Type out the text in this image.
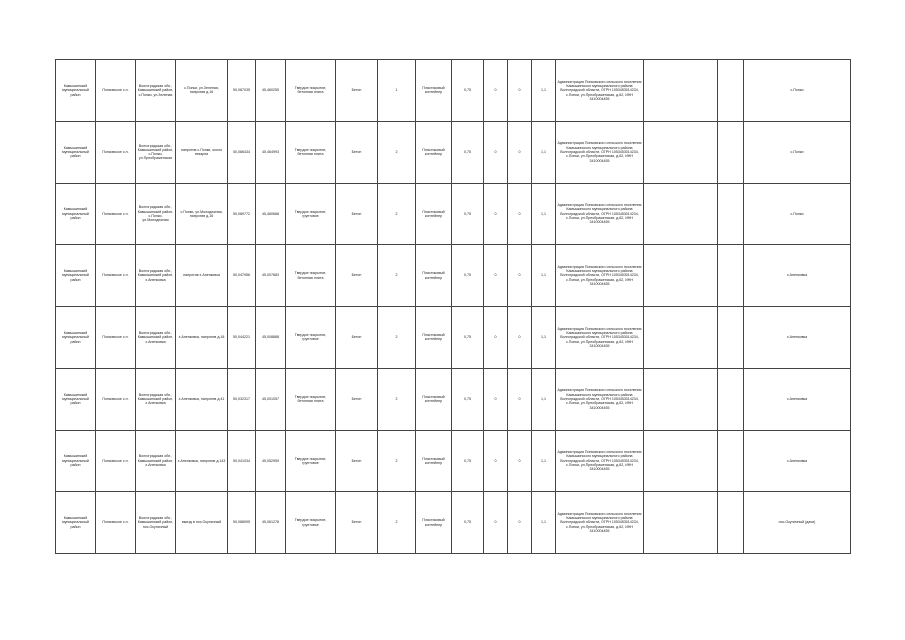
Камышинский муниципальный район	Попковское с.п.	Волгоградская обл., Камышинский район, с.Попки, ул.Зеленая	с.Попки, ул.Зеленая, напротив д.16	50,087035	45,460255	Твердое покрытие, бетонная плита	Бетон	1	Пластиковый контейнер	0,75	0	0	1,1	Администрация Попковского сельского поселения Камышинского муниципального района Волгоградской области, ОГРН 1053453014234, с.Попки, ул.Преображенская, д.62, ИНН 3410004455			с.Попки
Камышинский муниципальный район	Попковское с.п.	Волгоградская обл., Камышинский район, с.Попки, ул.Преображенская	напротив с.Попки, около пекарни	50,086434	45,464993	Твердое покрытие, бетонная плита	Бетон	2	Пластиковый контейнер	0,75	0	0	1,1	Администрация Попковского сельского поселения Камышинского муниципального района Волгоградской области, ОГРН 1053453014234, с.Попки, ул.Преображенская, д.62, ИНН 3410004455			с.Попки
Камышинский муниципальный район	Попковское с.п.	Волгоградская обл., Камышинский район, с.Попки, ул.Молодежная	с.Попки, ул.Молодежная, напротив д.16	50,089772	45,460668	Твердое покрытие, грунтовое	Бетон	2	Пластиковый контейнер	0,75	0	0	1,1	Администрация Попковского сельского поселения Камышинского муниципального района Волгоградской области, ОГРН 1053453014234, с.Попки, ул.Преображенская, д.62, ИНН 3410004455			с.Попки
Камышинский муниципальный район	Попковское с.п.	Волгоградская обл., Камышинский район, х.Аненковка	напротив х.Аненковка	50,047956	45,007683	Твердое покрытие, бетонная плита	Бетон	2	Пластиковый контейнер	0,75	0	0	1,1	Администрация Попковского сельского поселения Камышинского муниципального района Волгоградской области, ОГРН 1053453014234, с.Попки, ул.Преображенская, д.62, ИНН 3410004455			х.Аненковка
Камышинский муниципальный район	Попковское с.п.	Волгоградская обл., Камышинский район, х.Аненковка	х.Аненковка, напротив д.18	50,044221	45,008888	Твердое покрытие, грунтовое	Бетон	2	Пластиковый контейнер	0,75	0	0	1,1	Администрация Попковского сельского поселения Камышинского муниципального района Волгоградской области, ОГРН 1053453014234, с.Попки, ул.Преображенская, д.62, ИНН 3410004455			х.Аненковка
Камышинский муниципальный район	Попковское с.п.	Волгоградская обл., Камышинский район, х.Аненковка	х.Аненковка, напротив д.41	50,032317	45,001057	Твердое покрытие, бетонная плита	Бетон	2	Пластиковый контейнер	0,75	0	0	1,1	Администрация Попковского сельского поселения Камышинского муниципального района Волгоградской области, ОГРН 1053453014234, с.Попки, ул.Преображенская, д.62, ИНН 3410004455			х.Аненковка
Камышинский муниципальный район	Попковское с.п.	Волгоградская обл., Камышинский район, х.Аненковка	х.Аненковка, напротив д.143	50,041034	45,052959	Твердое покрытие, грунтовое	Бетон	2	Пластиковый контейнер	0,75	0	0	1,1	Администрация Попковского сельского поселения Камышинского муниципального района Волгоградской области, ОГРН 1053453014234, с.Попки, ул.Преображенская, д.62, ИНН 3410004455			х.Аненковка
Камышинский муниципальный район	Попковское с.п.	Волгоградская обл., Камышинский район, пос.Окуничный	выезд в пос.Окуничный	50,088095	45,061278	Твердое покрытие, грунтовое	Бетон	2	Пластиковый контейнер	0,75	0	0	1,1	Администрация Попковского сельского поселения Камышинского муниципального района Волгоградской области, ОГРН 1053453014234, с.Попки, ул.Преображенская, д.62, ИНН 3410004455			пос.Окуничный (дачи)
